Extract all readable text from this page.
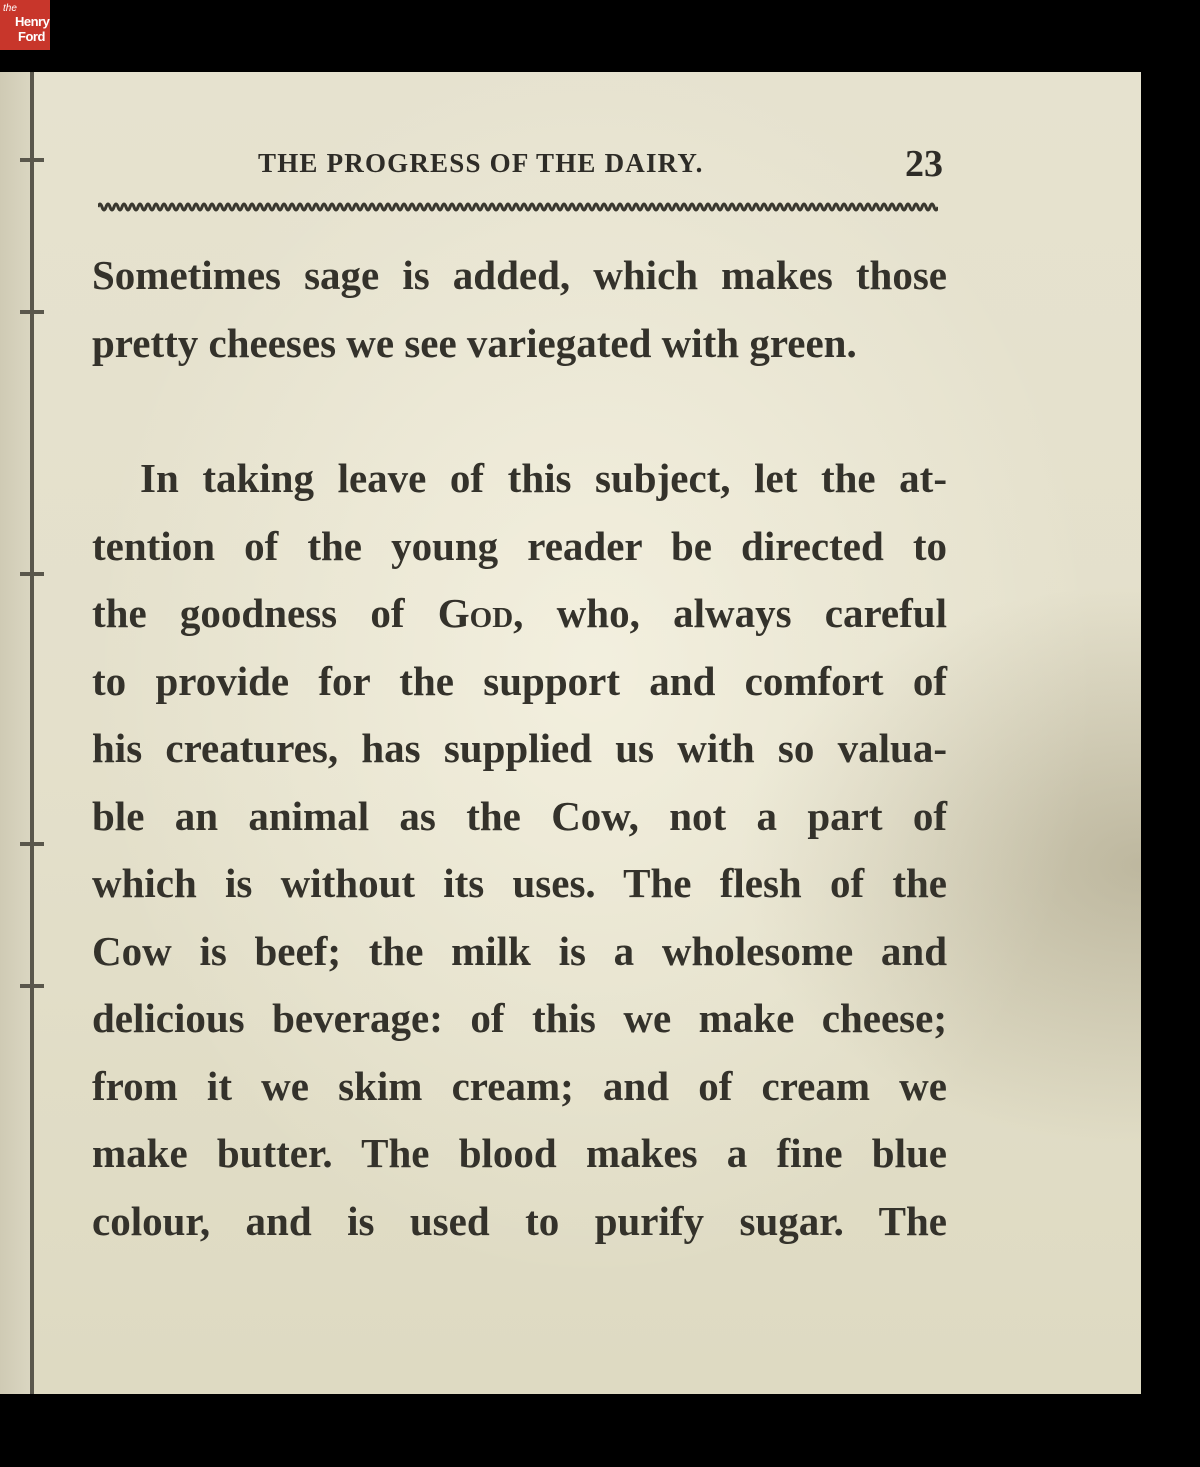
the
Henry
Ford
THE PROGRESS OF THE DAIRY.	23
Sometimes sage is added, which makes those
pretty cheeses we see variegated with green.
In taking leave of this subject, let the at-
tention of the young reader be directed to
the goodness of God, who, always careful
to provide for the support and comfort of
his creatures, has supplied us with so valua-
ble an animal as the Cow, not a part of
which is without its uses. The flesh of the
Cow is beef; the milk is a wholesome and
delicious beverage: of this we make cheese;
from it we skim cream; and of cream we
make butter. The blood makes a fine blue
colour, and is used to purify sugar. The
